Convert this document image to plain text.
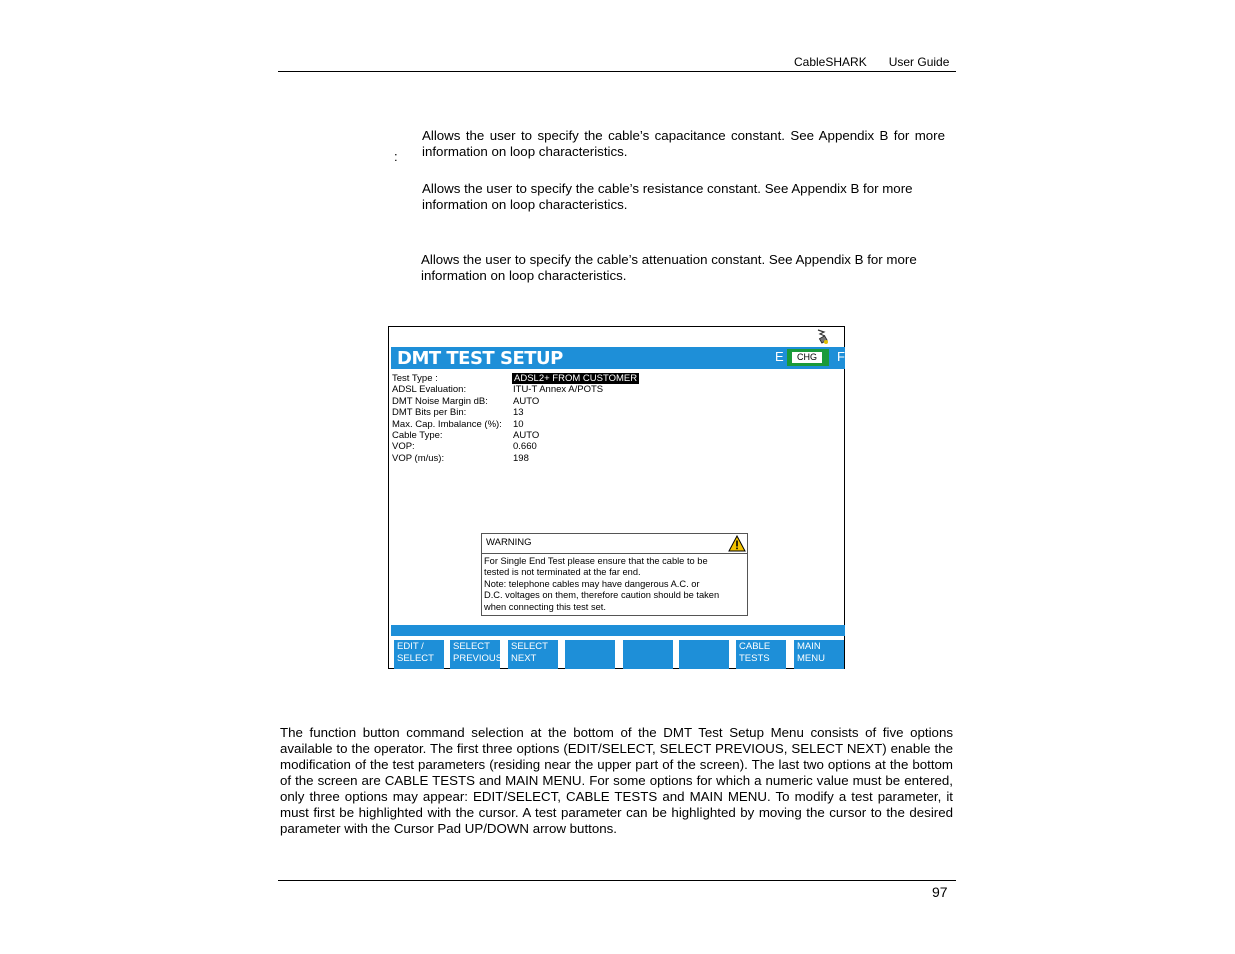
CableSHARK User Guide
Allows the user to specify the cable’s capacitance constant. See Appendix B for more information on loop characteristics.
:
Allows the user to specify the cable’s resistance constant. See Appendix B for more information on loop characteristics.
Allows the user to specify the cable’s attenuation constant. See Appendix B for more information on loop characteristics.
DMT TEST SETUP	E	CHG	F
Test Type :	ADSL2+ FROM CUSTOMER
ADSL Evaluation:	ITU-T Annex A/POTS
DMT Noise Margin dB:	AUTO
DMT Bits per Bin:	13
Max. Cap. Imbalance (%): 10
Cable Type:	AUTO
VOP:	0.660
VOP (m/us):	198
WARNING
For Single End Test please ensure that the cable to be
tested is not terminated at the far end.
Note: telephone cables may have dangerous A.C. or
D.C. voltages on them, therefore caution should be taken
when connecting this test set.
EDIT /
SELECT
SELECT
PREVIOUS
SELECT
NEXT
CABLE
TESTS
MAIN
MENU
The function button command selection at the bottom of the DMT Test Setup Menu consists of five options available to the operator. The first three options (EDIT/SELECT, SELECT PREVIOUS, SELECT NEXT) enable the modification of the test parameters (residing near the upper part of the screen). The last two options at the bottom of the screen are CABLE TESTS and MAIN MENU. For some options for which a numeric value must be entered, only three options may appear: EDIT/SELECT, CABLE TESTS and MAIN MENU. To modify a test parameter, it must first be highlighted with the cursor. A test parameter can be highlighted by moving the cursor to the desired parameter with the Cursor Pad UP/DOWN arrow buttons.
97
